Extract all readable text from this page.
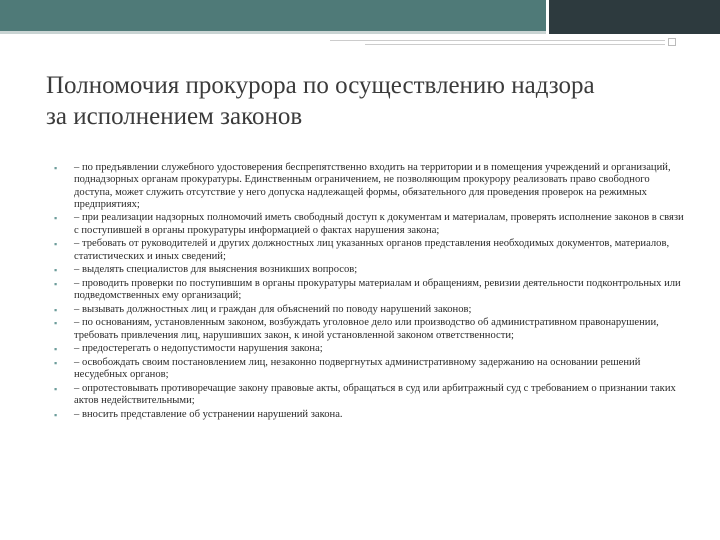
Полномочия прокурора по осуществлению надзора
за исполнением законов
▪ – по предъявлении служебного удостоверения беспрепятственно входить на территории и в помещения учреждений и организаций, поднадзорных органам прокуратуры. Единственным ограничением, не позволяющим прокурору реализовать право свободного доступа, может служить отсутствие у него допуска надлежащей формы, обязательного для проведения проверок на режимных предприятиях;
▪ – при реализации надзорных полномочий иметь свободный доступ к документам и материалам, проверять исполнение законов в связи с поступившей в органы прокуратуры информацией о фактах нарушения закона;
▪ – требовать от руководителей и других должностных лиц указанных органов представления необходимых документов, материалов, статистических и иных сведений;
▪ – выделять специалистов для выяснения возникших вопросов;
▪ – проводить проверки по поступившим в органы прокуратуры материалам и обращениям, ревизии деятельности подконтрольных или подведомственных ему организаций;
▪ – вызывать должностных лиц и граждан для объяснений по поводу нарушений законов;
▪ – по основаниям, установленным законом, возбуждать уголовное дело или производство об административном правонарушении, требовать привлечения лиц, нарушивших закон, к иной установленной законом ответственности;
▪ – предостерегать о недопустимости нарушения закона;
▪ – освобождать своим постановлением лиц, незаконно подвергнутых административному задержанию на основании решений несудебных органов;
▪ – опротестовывать противоречащие закону правовые акты, обращаться в суд или арбитражный суд с требованием о признании таких актов недействительными;
▪ – вносить представление об устранении нарушений закона.
